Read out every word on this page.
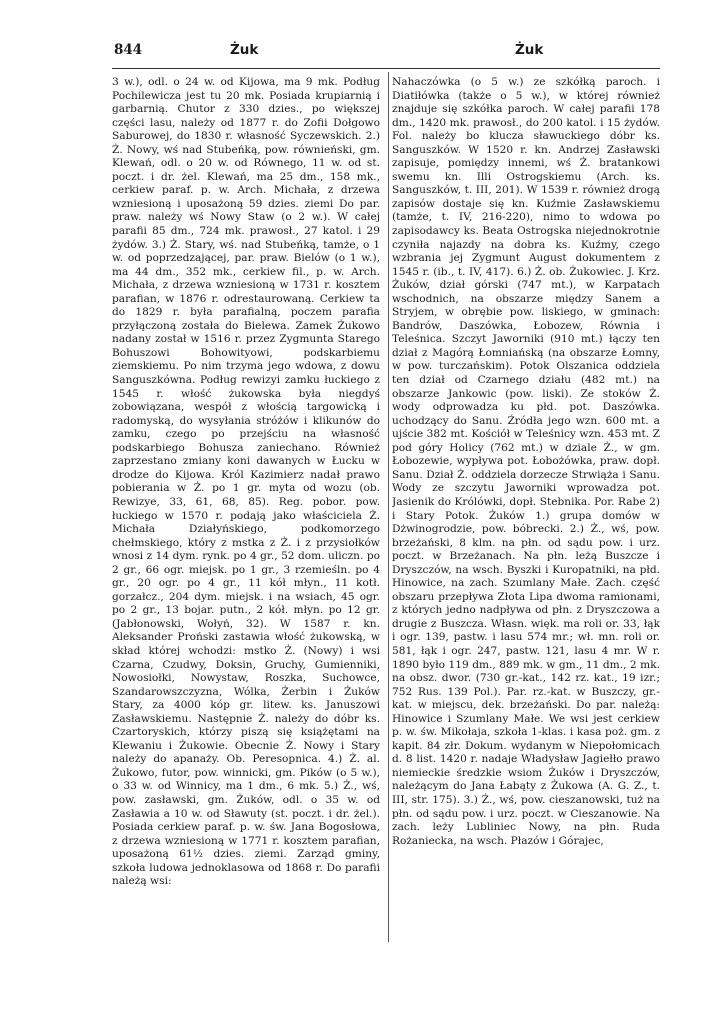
844	Żuk	Żuk

3 w.), odl. o 24 w. od Kijowa, ma 9 mk. Podług Pochilewicza jest tu 20 mk. Posiada krupiarnią i garbarnią. Chutor z 330 dzies., po większej części lasu, należy od 1877 r. do Zofii Dołgowo Saburowej, do 1830 r. własność Syczewskich. 2.) Ż. Nowy, wś nad Stubeńką, pow. równieński, gm. Klewań, odl. o 20 w. od Równego, 11 w. od st. poczt. i dr. żel. Klewań, ma 25 dm., 158 mk., cerkiew paraf. p. w. Arch. Michała, z drzewa wzniesioną i uposażoną 59 dzies. ziemi Do par. praw. należy wś Nowy Staw (o 2 w.). W całej parafii 85 dm., 724 mk. prawosł., 27 katol. i 29 żydów. 3.) Ż. Stary, wś. nad Stubeńką, tamże, o 1 w. od poprzedzającej, par. praw. Bielów (o 1 w.), ma 44 dm., 352 mk., cerkiew fil., p. w. Arch. Michała, z drzewa wzniesioną w 1731 r. kosztem parafian, w 1876 r. odrestaurowaną. Cerkiew ta do 1829 r. była parafialną, poczem parafia przyłączoną została do Bielewa. Zamek Żukowo nadany został w 1516 r. przez Zygmunta Starego Bohuszowi Bohowityowi, podskarbiemu ziemskiemu. Po nim trzyma jego wdowa, z dowu Sanguszkówna. Podług rewizyi zamku łuckiego z 1545 r. włość żukowska była niegdyś zobowiązana, wespół z włością targowicką i radomyską, do wysyłania stróżów i klikunów do zamku, czego po przejściu na własność podskarbiego Bohusza zaniechano. Również zaprzestano zmiany koni dawanych w Łucku w drodze do Kijowa. Król Kazimierz nadał prawo pobierania w Ż. po 1 gr. myta od wozu (ob. Rewizye, 33, 61, 68, 85). Reg. pobor. pow. łuckiego w 1570 r. podają jako właściciela Ż. Michała Działyńskiego, podkomorzego chełmskiego, który z mstka z Ż. i z przysiołków wnosi z 14 dym. rynk. po 4 gr., 52 dom. uliczn. po 2 gr., 66 ogr. miejsk. po 1 gr., 3 rzemieśln. po 4 gr., 20 ogr. po 4 gr., 11 kół młyn., 11 kotł. gorzałcz., 204 dym. miejsk. i na wsiach, 45 ogr. po 2 gr., 13 bojar. putn., 2 kół. młyn. po 12 gr. (Jabłonowski, Wołyń, 32). W 1587 r. kn. Aleksander Proński zastawia włość żukowską, w skład której wchodzi: mstko Ż. (Nowy) i wsi Czarna, Czudwy, Doksin, Gruchy, Gumienniki, Nowosiołki, Nowystaw, Roszka, Suchowce, Szandarowszczyzna, Wólka, Żerbin i Żuków Stary, za 4000 kóp gr. litew. ks. Januszowi Zasławskiemu. Następnie Ż. należy do dóbr ks. Czartoryskich, którzy piszą się książętami na Klewaniu i Żukowie. Obecnie Ż. Nowy i Stary należy do apanaży. Ob. Peresopnica. 4.) Ż. al. Żukowo, futor, pow. winnicki, gm. Pików (o 5 w.), o 33 w. od Winnicy, ma 1 dm., 6 mk. 5.) Ż., wś, pow. zasławski, gm. Żuków, odl. o 35 w. od Zasławia a 10 w. od Sławuty (st. poczt. i dr. żel.). Posiada cerkiew paraf. p. w. św. Jana Bogosłowa, z drzewa wzniesioną w 1771 r. kosztem parafian, uposażoną 61½ dzies. ziemi. Zarząd gminy, szkoła ludowa jednoklasowa od 1868 r. Do parafii należą wsi:

Nahaczówka (o 5 w.) ze szkółką paroch. i Diatiłówka (także o 5 w.), w której również znajduje się szkółka paroch. W całej parafii 178 dm., 1420 mk. prawosł., do 200 katol. i 15 żydów. Fol. należy bo klucza sławuckiego dóbr ks. Sanguszków. W 1520 r. kn. Andrzej Zasławski zapisuje, pomiędzy innemi, wś Ż. bratankowi swemu kn. Illi Ostrogskiemu (Arch. ks. Sanguszków, t. III, 201). W 1539 r. również drogą zapisów dostaje się kn. Kuźmie Zasławskiemu (tamże, t. IV, 216-220), nimo to wdowa po zapisodawcy ks. Beata Ostrogska niejednokrotnie czyniła najazdy na dobra ks. Kuźmy, czego wzbrania jej Zygmunt August dokumentem z 1545 r. (ib., t. IV, 417). 6.) Ż. ob. Żukowiec. J. Krz. Żuków, dział górski (747 mt.), w Karpatach wschodnich, na obszarze między Sanem a Stryjem, w obrębie pow. liskiego, w gminach: Bandrów, Daszówka, Łobozew, Równia i Teleśnica. Szczyt Jaworniki (910 mt.) łączy ten dział z Magórą Łomniańską (na obszarze Łomny, w pow. turczańskim). Potok Olszanica oddziela ten dział od Czarnego działu (482 mt.) na obszarze Jankowic (pow. liski). Ze stoków Ż. wody odprowadza ku płd. pot. Daszówka. uchodzący do Sanu. Źródła jego wzn. 600 mt. a ujście 382 mt. Kościół w Teleśnicy wzn. 453 mt. Z pod góry Holicy (762 mt.) w dziale Ż., w gm. Łobozewie, wypływa pot. Łobożówka, praw. dopł. Sanu. Dział Ż. oddziela dorzecze Strwiąża i Sanu. Wody ze szczytu Jaworniki wprowadza pot. Jasienik do Królówki, dopł. Stebnika. Por. Rabe 2) i Stary Potok. Żuków 1.) grupa domów w Dżwinogrodzie, pow. bóbrecki. 2.) Ż., wś, pow. brzeżański, 8 klm. na płn. od sądu pow. i urz. poczt. w Brzeżanach. Na płn. leżą Buszcze i Dryszczów, na wsch. Byszki i Kuropatniki, na płd. Hinowice, na zach. Szumlany Małe. Zach. część obszaru przepływa Złota Lipa dwoma ramionami, z których jedno nadpływa od płn. z Dryszczowa a drugie z Buszcza. Własn. więk. ma roli or. 33, łąk i ogr. 139, pastw. i lasu 574 mr.; wł. mn. roli or. 581, łąk i ogr. 247, pastw. 121, lasu 4 mr. W r. 1890 było 119 dm., 889 mk. w gm., 11 dm., 2 mk. na obsz. dwor. (730 gr.-kat., 142 rz. kat., 19 izr.; 752 Rus. 139 Pol.). Par. rz.-kat. w Buszczy, gr.-kat. w miejscu, dek. brzeżański. Do par. należą: Hinowice i Szumlany Małe. We wsi jest cerkiew p. w. św. Mikołaja, szkoła 1-klas. i kasa poż. gm. z kapit. 84 złr. Dokum. wydanym w Niepołomicach d. 8 list. 1420 r. nadaje Władysław Jagiełło prawo niemieckie średzkie wsiom Żuków i Dryszczów, należącym do Jana Łabąty z Żukowa (A. G. Z., t. III, str. 175). 3.) Ż., wś, pow. cieszanowski, tuż na płn. od sądu pow. i urz. poczt. w Cieszanowie. Na zach. leży Lubliniec Nowy, na płn. Ruda Rożaniecka, na wsch. Płazów i Górajec,
